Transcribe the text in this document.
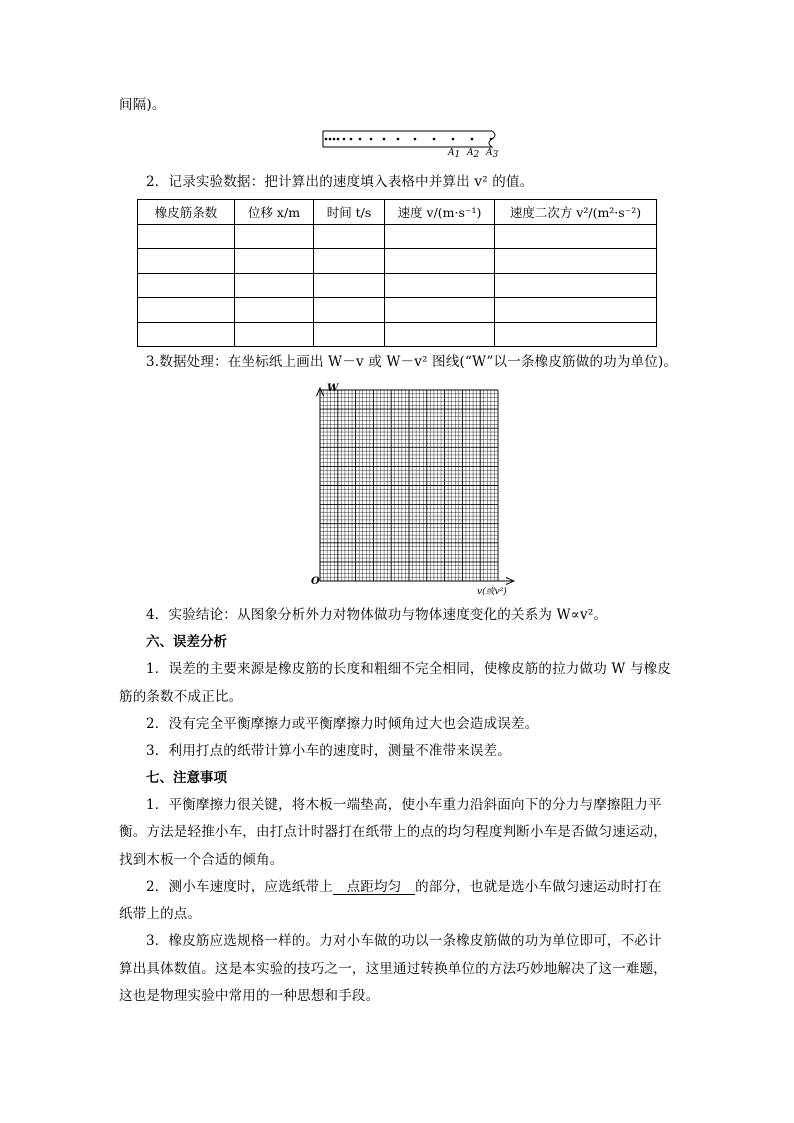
间隔)。
A1 A2 A3
2．记录实验数据：把计算出的速度填入表格中并算出 v² 的值。
橡皮筋条数	位移 x/m	时间 t/s	速度 v/(m·s⁻¹)	速度二次方 v²/(m²·s⁻²)

3.数据处理：在坐标纸上画出 W－v 或 W－v² 图线(“W”以一条橡皮筋做的功为单位)。
W
O
v(或v²)
4．实验结论：从图象分析外力对物体做功与物体速度变化的关系为 W∝v²。
六、误差分析
1．误差的主要来源是橡皮筋的长度和粗细不完全相同，使橡皮筋的拉力做功 W 与橡皮
筋的条数不成正比。
2．没有完全平衡摩擦力或平衡摩擦力时倾角过大也会造成误差。
3．利用打点的纸带计算小车的速度时，测量不准带来误差。
七、注意事项
1．平衡摩擦力很关键，将木板一端垫高，使小车重力沿斜面向下的分力与摩擦阻力平
衡。方法是轻推小车，由打点计时器打在纸带上的点的均匀程度判断小车是否做匀速运动，
找到木板一个合适的倾角。
2．测小车速度时，应选纸带上　点距均匀　的部分，也就是选小车做匀速运动时打在
纸带上的点。
3．橡皮筋应选规格一样的。力对小车做的功以一条橡皮筋做的功为单位即可，不必计
算出具体数值。这是本实验的技巧之一，这里通过转换单位的方法巧妙地解决了这一难题，
这也是物理实验中常用的一种思想和手段。
